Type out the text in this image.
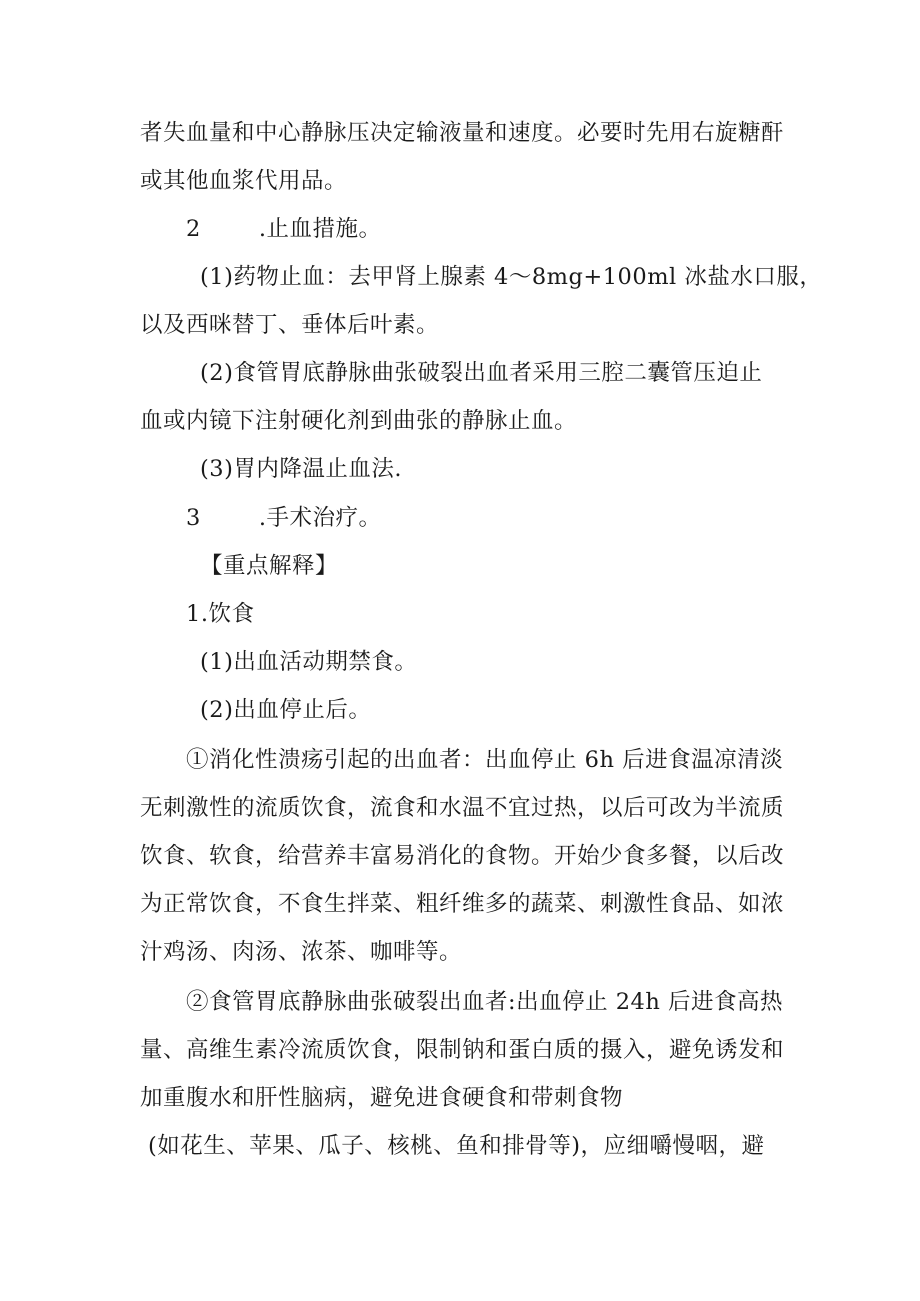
者失血量和中心静脉压决定输液量和速度。必要时先用右旋糖酐
或其他血浆代用品。
2	.止血措施。
(1)药物止血：去甲肾上腺素 4～8mg+100ml 冰盐水口服，
以及西咪替丁、垂体后叶素。
(2)食管胃底静脉曲张破裂出血者采用三腔二囊管压迫止
血或内镜下注射硬化剂到曲张的静脉止血。
(3)胃内降温止血法.
3	.手术治疗。
【重点解释】
1.饮食
(1)出血活动期禁食。
(2)出血停止后。
①消化性溃疡引起的出血者：出血停止 6h 后进食温凉清淡
无刺激性的流质饮食，流食和水温不宜过热，以后可改为半流质
饮食、软食，给营养丰富易消化的食物。开始少食多餐，以后改
为正常饮食，不食生拌菜、粗纤维多的蔬菜、刺激性食品、如浓
汁鸡汤、肉汤、浓茶、咖啡等。
②食管胃底静脉曲张破裂出血者:出血停止 24h 后进食高热
量、高维生素冷流质饮食，限制钠和蛋白质的摄入，避免诱发和
加重腹水和肝性脑病，避免进食硬食和带刺食物
(如花生、苹果、瓜子、核桃、鱼和排骨等)，应细嚼慢咽，避
